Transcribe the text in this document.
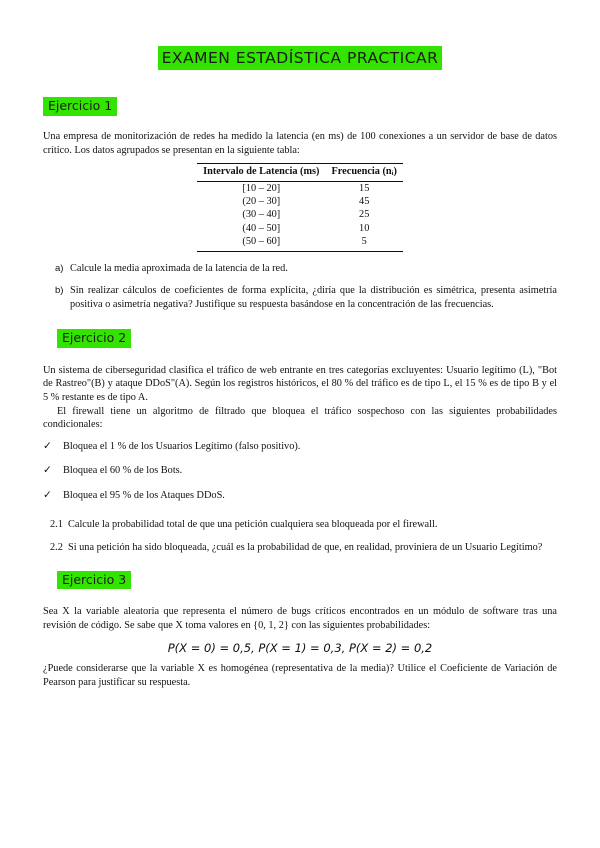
EXAMEN ESTADÍSTICA PRACTICAR
Ejercicio 1

Una empresa de monitorización de redes ha medido la latencia (en ms) de 100 conexiones a un servidor de base de datos crítico. Los datos agrupados se presentan en la siguiente tabla:

Intervalo de Latencia (ms)	Frecuencia (nᵢ)
[10 – 20]	15
(20 – 30]	45
(30 – 40]	25
(40 – 50]	10
(50 – 60]	5
a) Calcule la media aproximada de la latencia de la red.
b) Sin realizar cálculos de coeficientes de forma explícita, ¿diría que la distribución es simétrica, presenta asimetría positiva o asimetría negativa? Justifique su respuesta basándose en la concentración de las frecuencias.
Ejercicio 2

Un sistema de ciberseguridad clasifica el tráfico de web entrante en tres categorías excluyentes: Usuario legítimo (L), "Bot de Rastreo"(B) y ataque DDoS"(A). Según los registros históricos, el 80 % del tráfico es de tipo L, el 15 % es de tipo B y el 5 % restante es de tipo A.

El firewall tiene un algoritmo de filtrado que bloquea el tráfico sospechoso con las siguientes probabilidades condicionales:

✓	Bloquea el 1 % de los Usuarios Legítimo (falso positivo).
✓	Bloquea el 60 % de los Bots.
✓	Bloquea el 95 % de los Ataques DDoS.
2.1 Calcule la probabilidad total de que una petición cualquiera sea bloqueada por el firewall.
2.2 Si una petición ha sido bloqueada, ¿cuál es la probabilidad de que, en realidad, proviniera de un Usuario Legítimo?
Ejercicio 3

Sea X la variable aleatoria que representa el número de bugs críticos encontrados en un módulo de software tras una revisión de código. Se sabe que X toma valores en {0, 1, 2} con las siguientes probabilidades:

P(X = 0) = 0,5, P(X = 1) = 0,3, P(X = 2) = 0,2

¿Puede considerarse que la variable X es homogénea (representativa de la media)? Utilice el Coeficiente de Variación de Pearson para justificar su respuesta.
